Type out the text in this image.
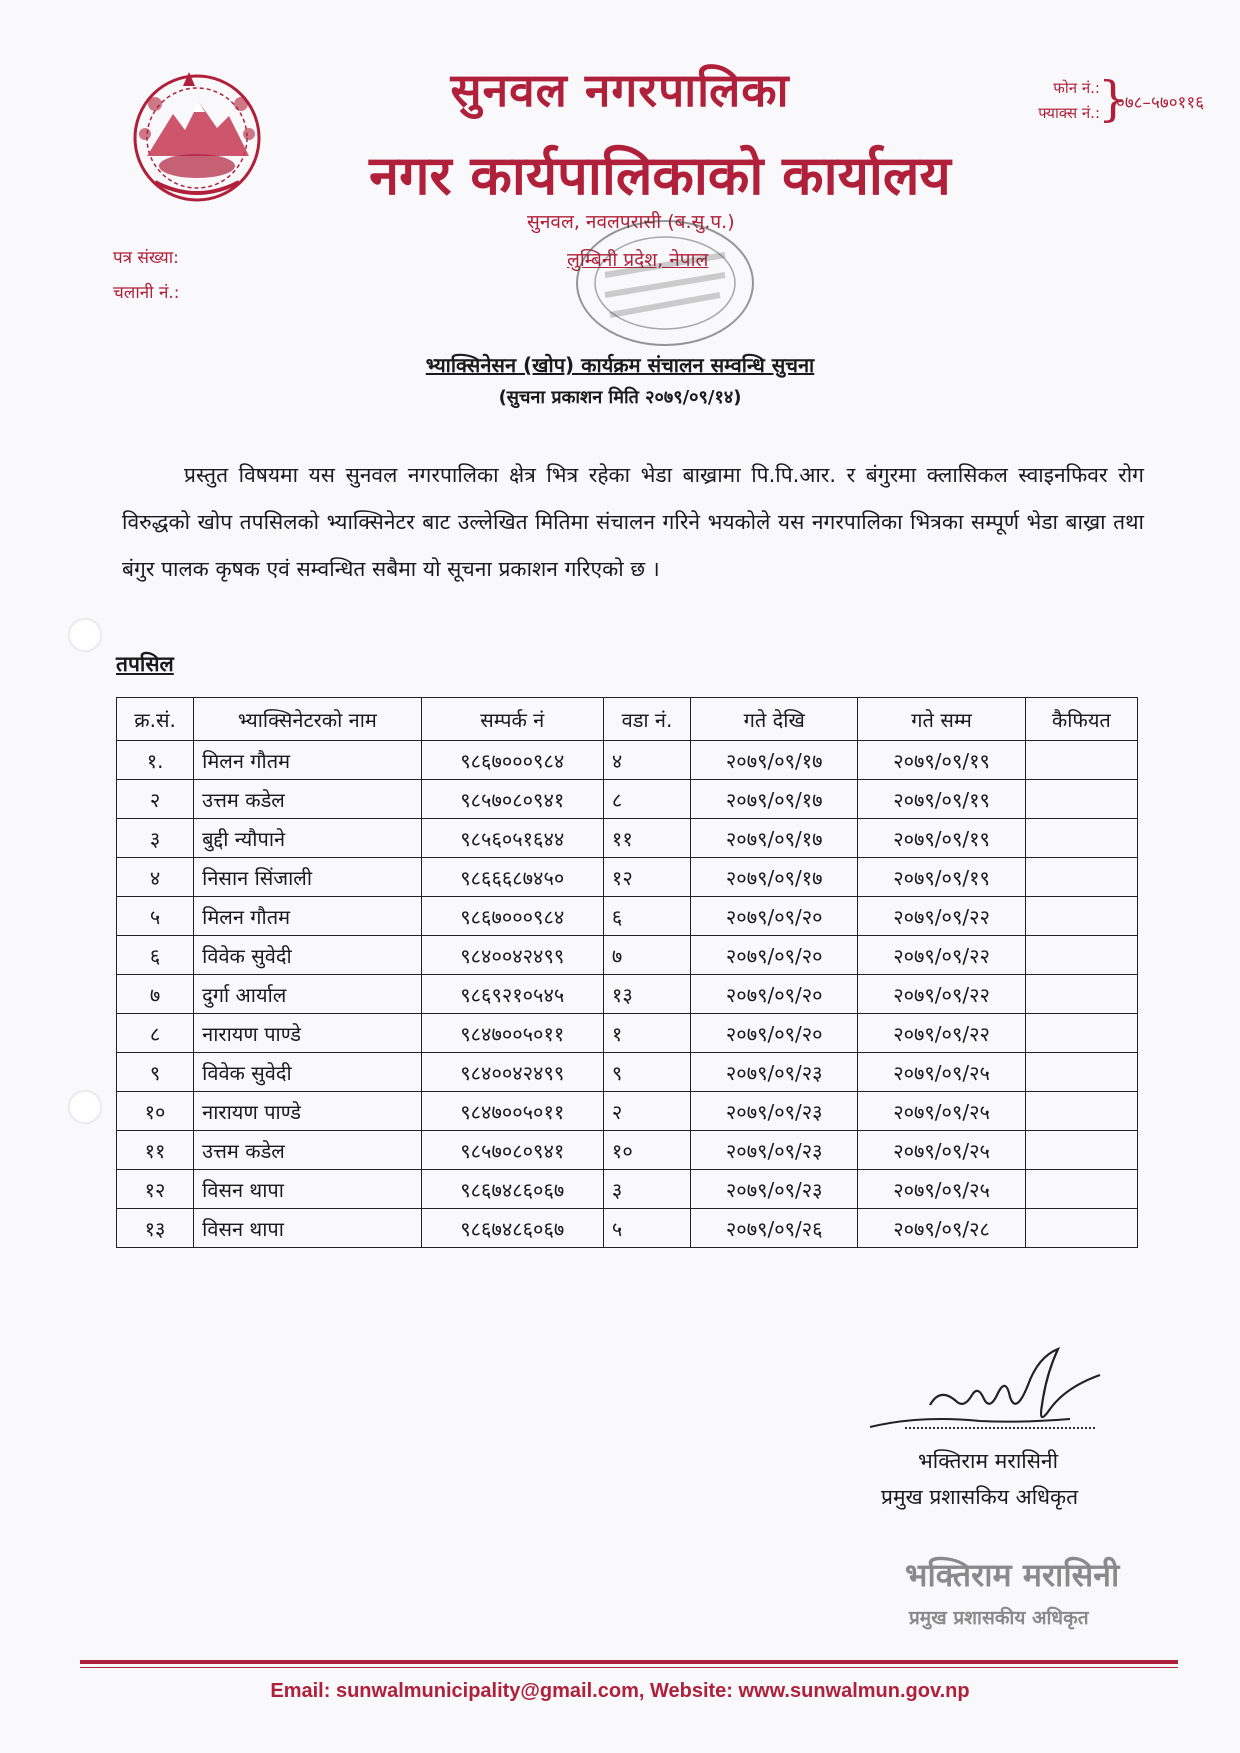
सुनवल नगरपालिका
नगर कार्यपालिकाको कार्यालय
सुनवल, नवलपरासी (ब.सु.प.)
लुम्बिनी प्रदेश, नेपाल
फोन नं.:
फ्याक्स नं.:
}
०७८–५७०११६
पत्र संख्या:
चलानी नं.:
भ्याक्सिनेसन (खोप) कार्यक्रम संचालन सम्वन्धि सुचना
(सुचना प्रकाशन मिति २०७९/०९/१४)
प्रस्तुत विषयमा यस सुनवल नगरपालिका क्षेत्र भित्र रहेका भेडा बाख्रामा पि.पि.आर. र बंगुरमा क्लासिकल स्वाइनफिवर रोग विरुद्धको खोप तपसिलको भ्याक्सिनेटर बाट उल्लेखित मितिमा संचालन गरिने भयकोले यस नगरपालिका भित्रका सम्पूर्ण भेडा बाख्रा तथा बंगुर पालक कृषक एवं सम्वन्धित सबैमा यो सूचना प्रकाशन गरिएको छ ।
तपसिल
क्र.सं.	भ्याक्सिनेटरको नाम	सम्पर्क नं	वडा नं.	गते देखि	गते सम्म	कैफियत
१.	मिलन गौतम	९८६७०००९८४	४	२०७९/०९/१७	२०७९/०९/१९	
२	उत्तम कडेल	९८५७०८०९४१	८	२०७९/०९/१७	२०७९/०९/१९	
३	बुद्दी न्यौपाने	९८५६०५१६४४	११	२०७९/०९/१७	२०७९/०९/१९	
४	निसान सिंजाली	९८६६६८७४५०	१२	२०७९/०९/१७	२०७९/०९/१९	
५	मिलन गौतम	९८६७०००९८४	६	२०७९/०९/२०	२०७९/०९/२२	
६	विवेक सुवेदी	९८४००४२४९९	७	२०७९/०९/२०	२०७९/०९/२२	
७	दुर्गा आर्याल	९८६९२१०५४५	१३	२०७९/०९/२०	२०७९/०९/२२	
८	नारायण पाण्डे	९८४७००५०११	१	२०७९/०९/२०	२०७९/०९/२२	
९	विवेक सुवेदी	९८४००४२४९९	९	२०७९/०९/२३	२०७९/०९/२५	
१०	नारायण पाण्डे	९८४७००५०११	२	२०७९/०९/२३	२०७९/०९/२५	
११	उत्तम कडेल	९८५७०८०९४१	१०	२०७९/०९/२३	२०७९/०९/२५	
१२	विसन थापा	९८६७४८६०६७	३	२०७९/०९/२३	२०७९/०९/२५	
१३	विसन थापा	९८६७४८६०६७	५	२०७९/०९/२६	२०७९/०९/२८	
भक्तिराम मरासिनी
प्रमुख प्रशासकिय अधिकृत
भक्तिराम मरासिनी
प्रमुख प्रशासकीय अधिकृत
Email: sunwalmunicipality@gmail.com, Website: www.sunwalmun.gov.np
